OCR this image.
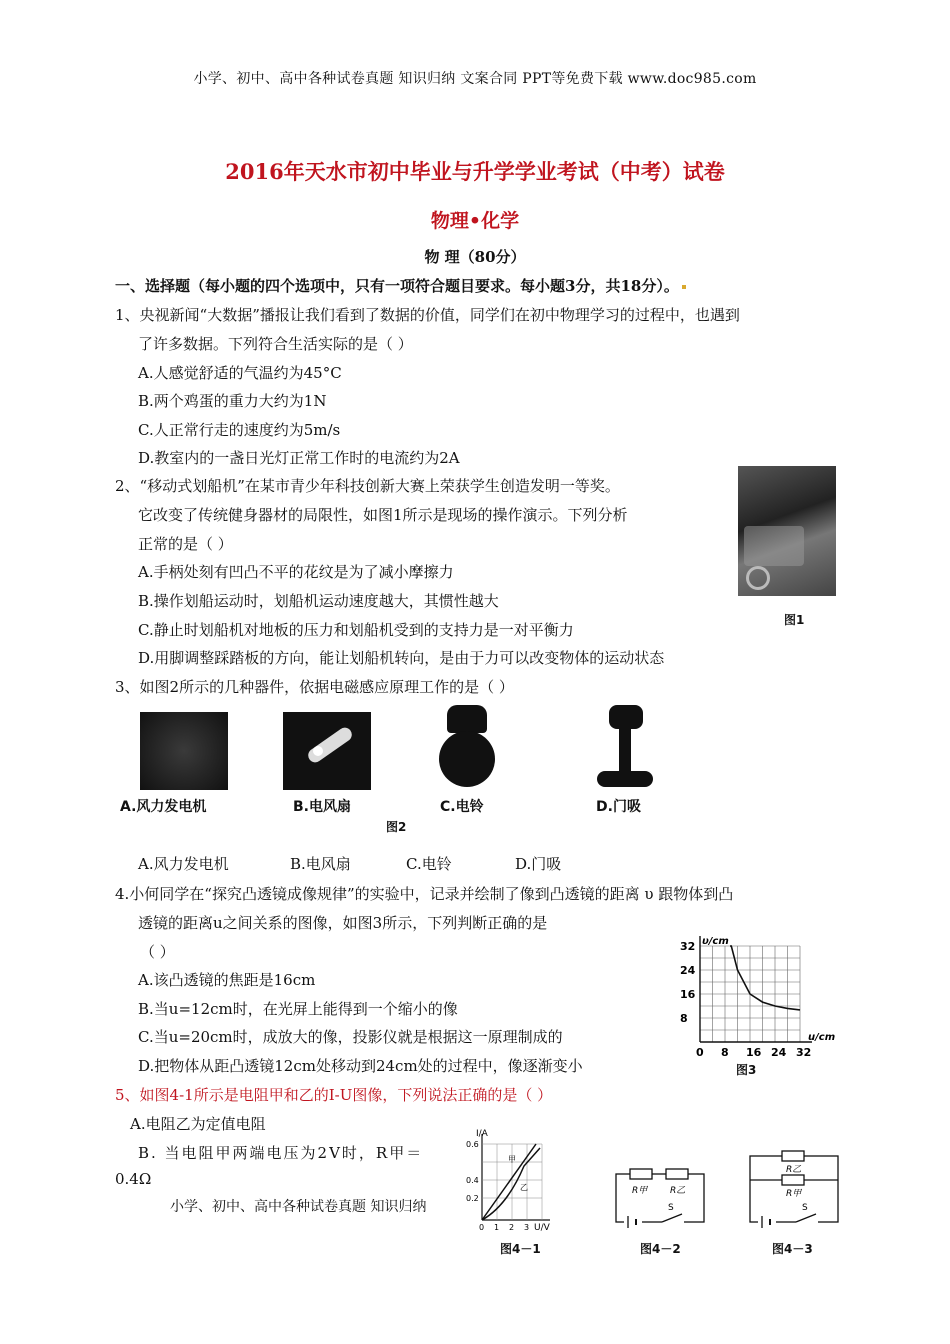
小学、初中、高中各种试卷真题 知识归纳 文案合同 PPT等免费下载 www.doc985.com
2016年天水市初中毕业与升学学业考试（中考）试卷
物理•化学
物 理（80分）
一、选择题（每小题的四个选项中，只有一项符合题目要求。每小题3分，共18分）。
1、央视新闻“大数据”播报让我们看到了数据的价值，同学们在初中物理学习的过程中，也遇到
了许多数据。下列符合生活实际的是（ ）
A.人感觉舒适的气温约为45°C
B.两个鸡蛋的重力大约为1N
C.人正常行走的速度约为5m/s
D.教室内的一盏日光灯正常工作时的电流约为2A
2、“移动式划船机”在某市青少年科技创新大赛上荣获学生创造发明一等奖。
它改变了传统健身器材的局限性，如图1所示是现场的操作演示。下列分析
正常的是（ ）
A.手柄处刻有凹凸不平的花纹是为了减小摩擦力
B.操作划船运动时，划船机运动速度越大，其惯性越大
C.静止时划船机对地板的压力和划船机受到的支持力是一对平衡力
D.用脚调整踩踏板的方向，能让划船机转向，是由于力可以改变物体的运动状态
图1
3、如图2所示的几种器件，依据电磁感应原理工作的是（ ）
A.风力发电机	B.电风扇	C.电铃	D.门吸
图2
A.风力发电机	B.电风扇	C.电铃	D.门吸
4.小何同学在“探究凸透镜成像规律”的实验中，记录并绘制了像到凸透镜的距离 υ 跟物体到凸
透镜的距离u之间关系的图像，如图3所示，下列判断正确的是
（ ）
A.该凸透镜的焦距是16cm
B.当u=12cm时，在光屏上能得到一个缩小的像
C.当u=20cm时，成放大的像，投影仪就是根据这一原理制成的
D.把物体从距凸透镜12cm处移动到24cm处的过程中，像逐渐变小
0 8 16 24 32
8
16
24
32 υ/cm
u/cm
图3
5、如图4-1所示是电阻甲和乙的I-U图像，下列说法正确的是（ ）
A.电阻乙为定值电阻
B. 当电阻甲两端电压为2V时，R甲＝
0.4Ω
小学、初中、高中各种试卷真题 知识归纳
I/A
0.6
0.4
0.2
0 1 2 3 U/V
甲
乙
图4－1
R甲	R乙
S
图4－2
R乙
R甲
S
图4－3
